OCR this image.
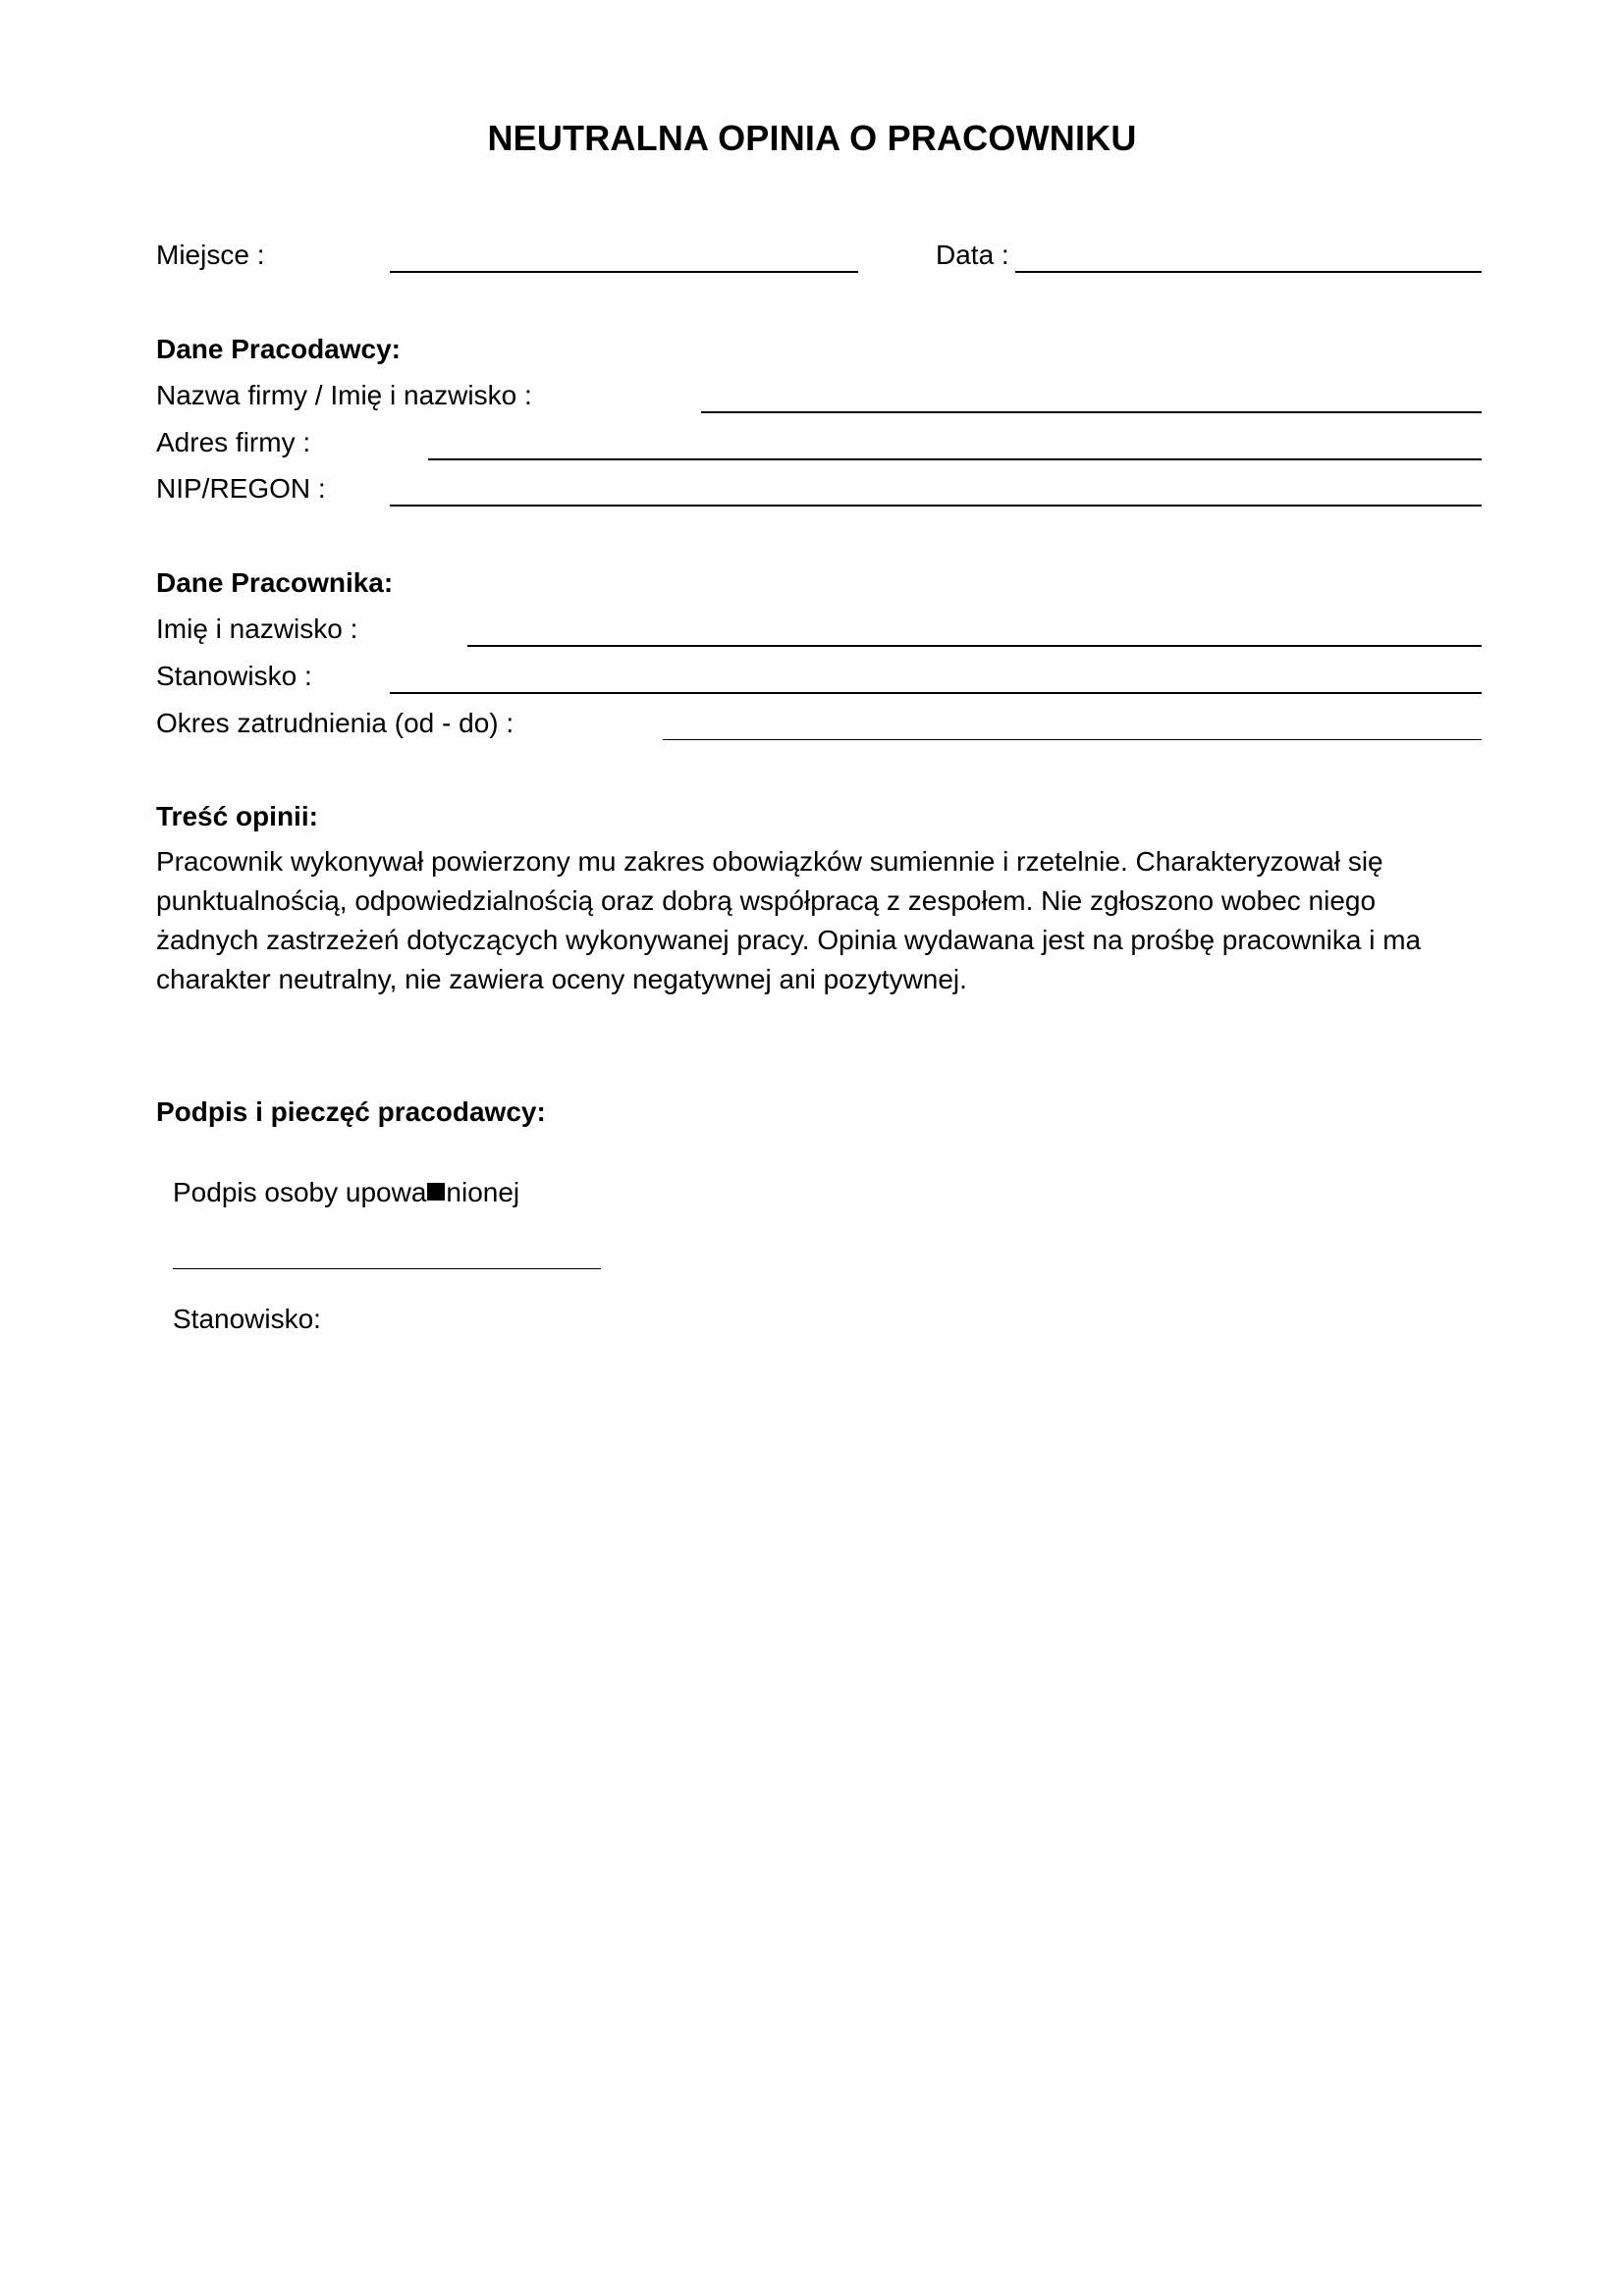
NEUTRALNA OPINIA O PRACOWNIKU
Miejsce :	Data :
Dane Pracodawcy:
Nazwa firmy / Imię i nazwisko :
Adres firmy :
NIP/REGON :
Dane Pracownika:
Imię i nazwisko :
Stanowisko :
Okres zatrudnienia (od - do) :
Treść opinii:
Pracownik wykonywał powierzony mu zakres obowiązków sumiennie i rzetelnie. Charakteryzował się
punktualnością, odpowiedzialnością oraz dobrą współpracą z zespołem. Nie zgłoszono wobec niego
żadnych zastrzeżeń dotyczących wykonywanej pracy. Opinia wydawana jest na prośbę pracownika i ma
charakter neutralny, nie zawiera oceny negatywnej ani pozytywnej.
Podpis i pieczęć pracodawcy:
Podpis osoby upowa nionej
Stanowisko:
